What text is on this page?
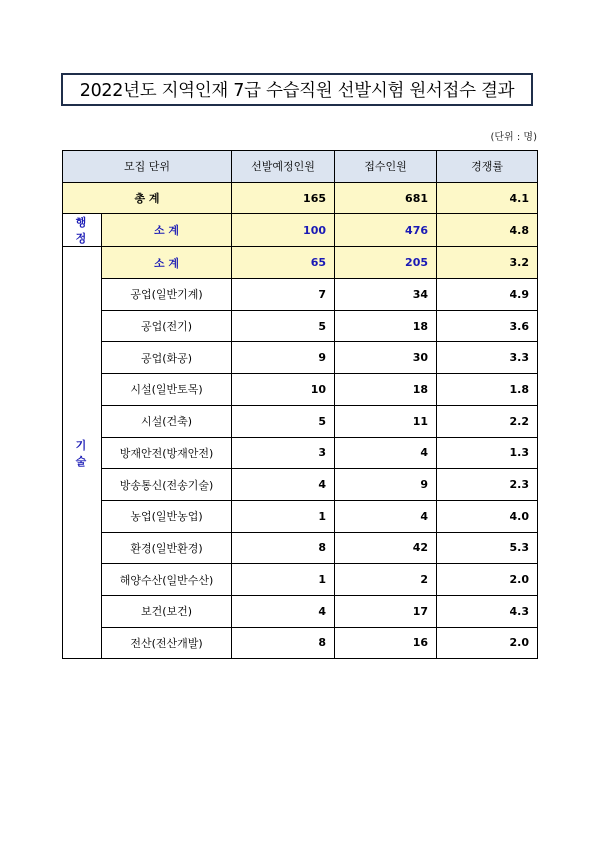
2022년도 지역인재 7급 수습직원 선발시험 원서접수 결과
(단위 : 명)
모집 단위		선발예정인원	접수인원	경쟁률
총 계		165	681	4.1
행 정	소 계	100	476	4.8
기 술	소 계	65	205	3.2
	공업(일반기계)	7	34	4.9
	공업(전기)	5	18	3.6
	공업(화공)	9	30	3.3
	시설(일반토목)	10	18	1.8
	시설(건축)	5	11	2.2
	방재안전(방재안전)	3	4	1.3
	방송통신(전송기술)	4	9	2.3
	농업(일반농업)	1	4	4.0
	환경(일반환경)	8	42	5.3
	해양수산(일반수산)	1	2	2.0
	보건(보건)	4	17	4.3
	전산(전산개발)	8	16	2.0
